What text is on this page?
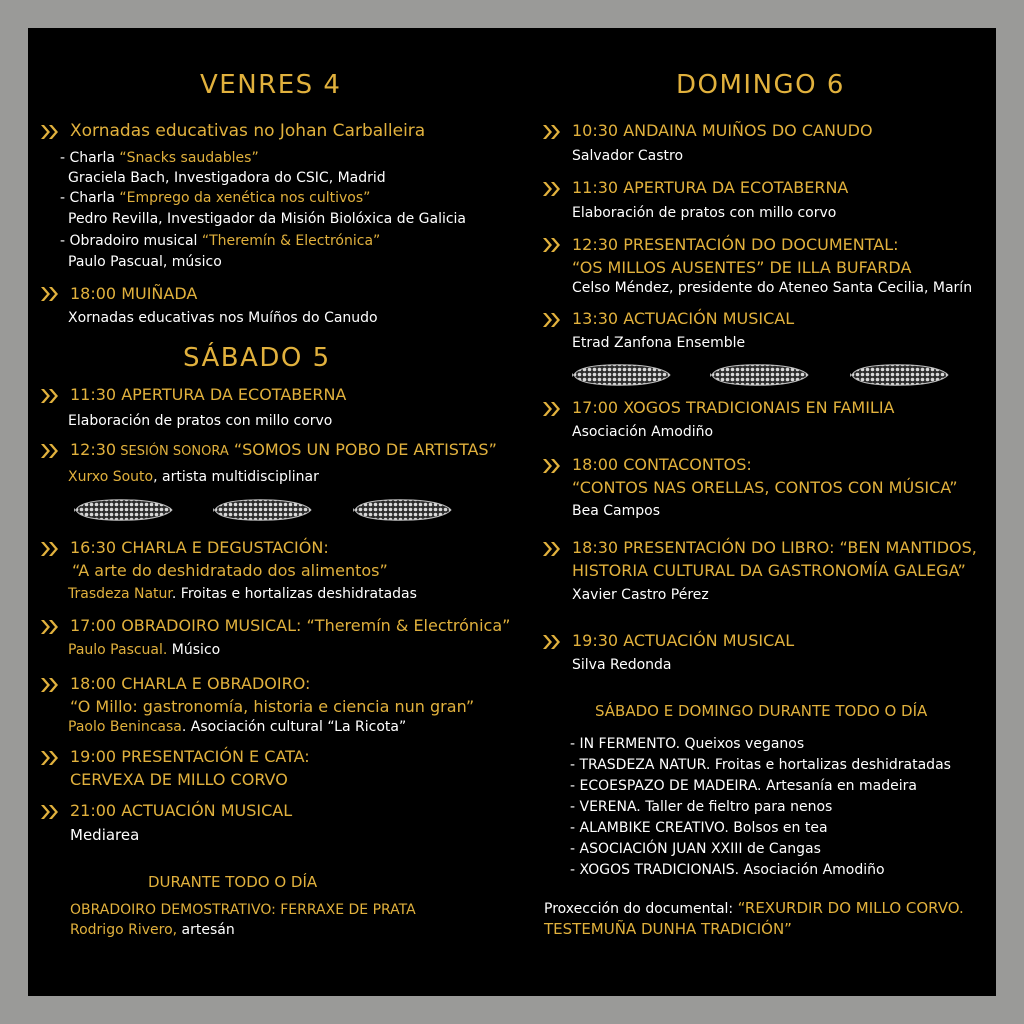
VENRES 4
Xornadas educativas no Johan Carballeira
- Charla “Snacks saudables”
Graciela Bach, Investigadora do CSIC, Madrid
- Charla “Emprego da xenética nos cultivos”
Pedro Revilla, Investigador da Misión Biolóxica de Galicia
- Obradoiro musical “Theremín & Electrónica”
Paulo Pascual, músico
18:00 MUIÑADA
Xornadas educativas nos Muíños do Canudo
SÁBADO 5
11:30 APERTURA DA ECOTABERNA
Elaboración de pratos con millo corvo
12:30 SESIÓN SONORA “SOMOS UN POBO DE ARTISTAS”
Xurxo Souto, artista multidisciplinar
16:30 CHARLA E DEGUSTACIÓN:
“A arte do deshidratado dos alimentos”
Trasdeza Natur. Froitas e hortalizas deshidratadas
17:00 OBRADOIRO MUSICAL: “Theremín & Electrónica”
Paulo Pascual. Músico
18:00 CHARLA E OBRADOIRO:
“O Millo: gastronomía, historia e ciencia nun gran”
Paolo Benincasa. Asociación cultural “La Ricota”
19:00 PRESENTACIÓN E CATA:
CERVEXA DE MILLO CORVO
21:00 ACTUACIÓN MUSICAL
Mediarea
DURANTE TODO O DÍA
OBRADOIRO DEMOSTRATIVO: FERRAXE DE PRATA
Rodrigo Rivero, artesán
DOMINGO 6
10:30 ANDAINA MUIÑOS DO CANUDO
Salvador Castro
11:30 APERTURA DA ECOTABERNA
Elaboración de pratos con millo corvo
12:30 PRESENTACIÓN DO DOCUMENTAL:
“OS MILLOS AUSENTES” DE ILLA BUFARDA
Celso Méndez, presidente do Ateneo Santa Cecilia, Marín
13:30 ACTUACIÓN MUSICAL
Etrad Zanfona Ensemble
17:00 XOGOS TRADICIONAIS EN FAMILIA
Asociación Amodiño
18:00 CONTACONTOS:
“CONTOS NAS ORELLAS, CONTOS CON MÚSICA”
Bea Campos
18:30 PRESENTACIÓN DO LIBRO: “BEN MANTIDOS,
HISTORIA CULTURAL DA GASTRONOMÍA GALEGA”
Xavier Castro Pérez
19:30 ACTUACIÓN MUSICAL
Silva Redonda
SÁBADO E DOMINGO DURANTE TODO O DÍA
- IN FERMENTO. Queixos veganos
- TRASDEZA NATUR. Froitas e hortalizas deshidratadas
- ECOESPAZO DE MADEIRA. Artesanía en madeira
- VERENA. Taller de fieltro para nenos
- ALAMBIKE CREATIVO. Bolsos en tea
- ASOCIACIÓN JUAN XXIII de Cangas
- XOGOS TRADICIONAIS. Asociación Amodiño
Proxección do documental: “REXURDIR DO MILLO CORVO.
TESTEMUÑA DUNHA TRADICIÓN”
